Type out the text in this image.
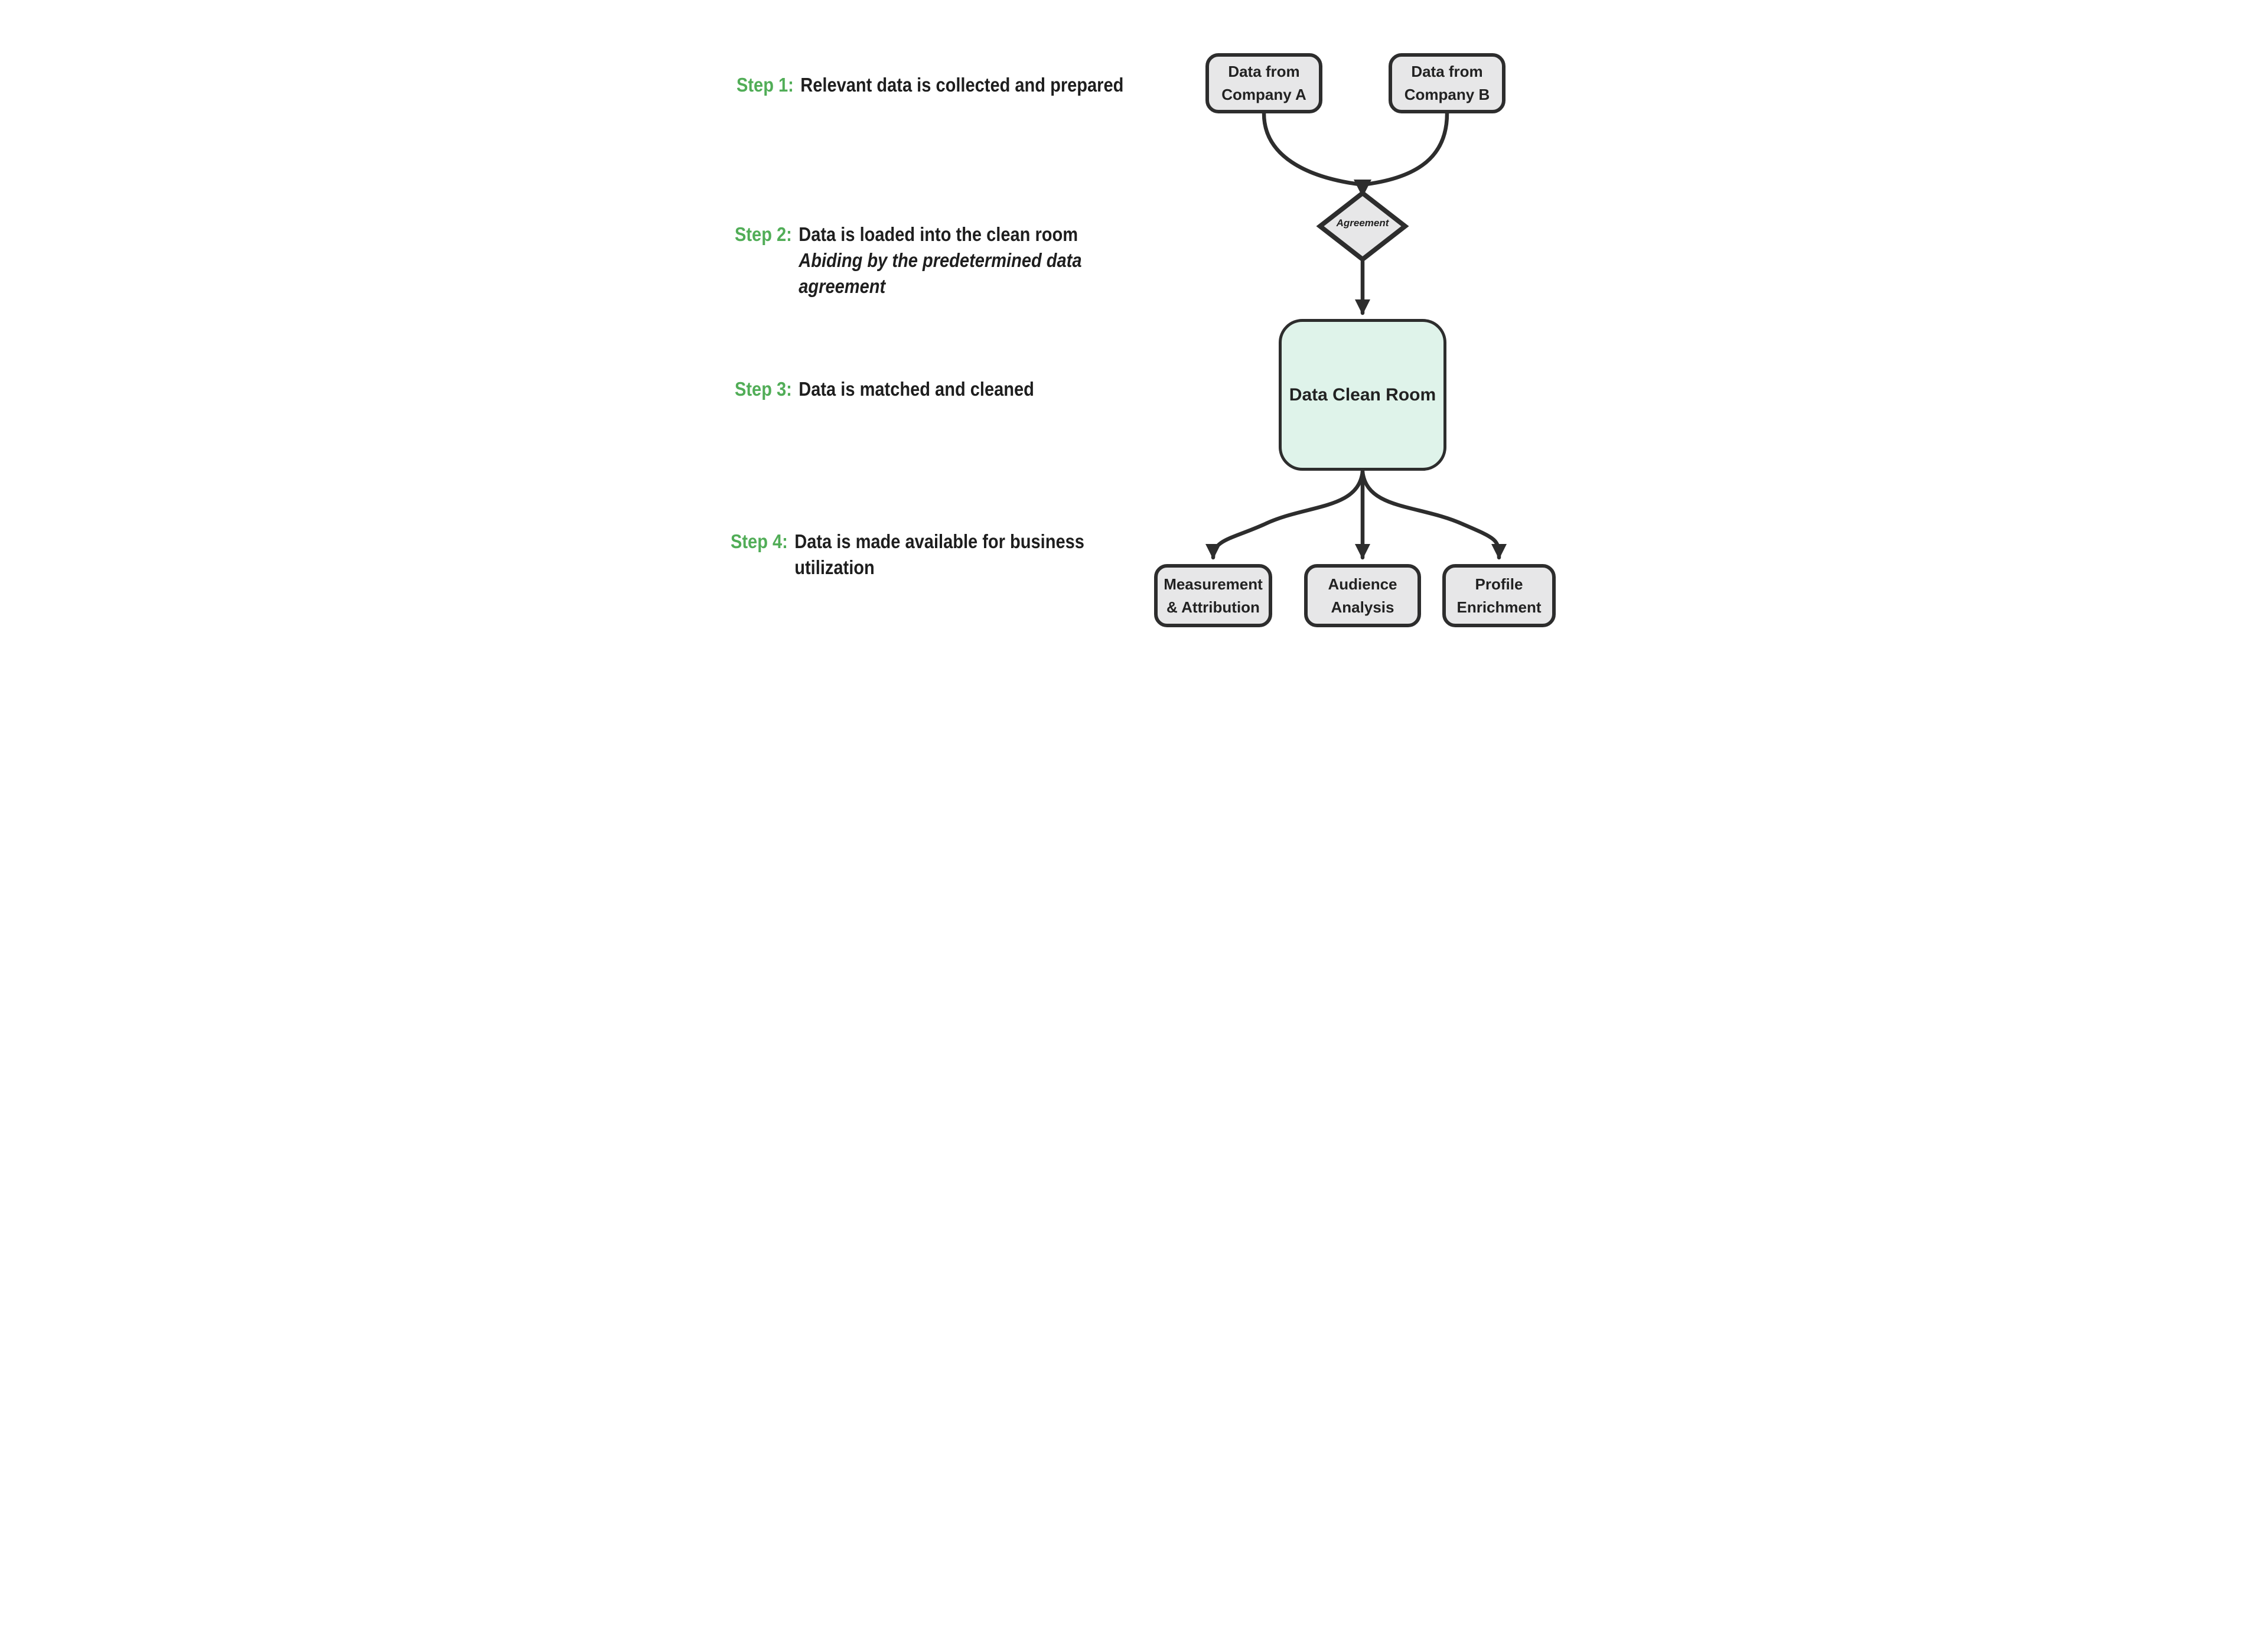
Step 1: Relevant data is collected and prepared
Step 2: Data is loaded into the clean room
Abiding by the predetermined data
agreement
Step 3: Data is matched and cleaned
Step 4: Data is made available for business
utilization
Data from
Company A
Data from
Company B
Agreement
Data Clean Room
Measurement
& Attribution
Audience
Analysis
Profile
Enrichment
